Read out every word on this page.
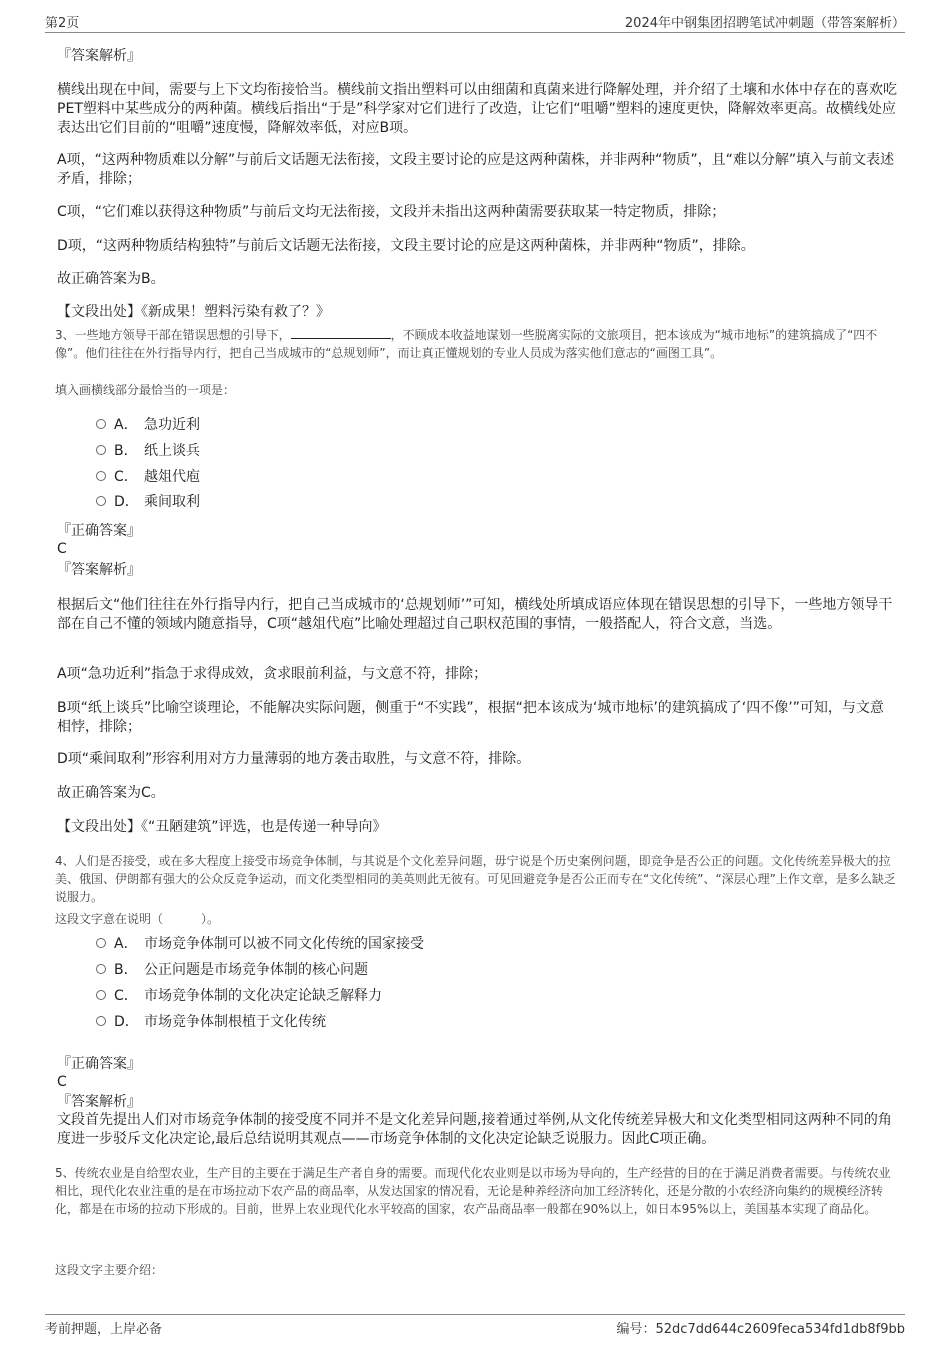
第2页	2024年中钢集团招聘笔试冲刺题（带答案解析）
『答案解析』

横线出现在中间，需要与上下文均衔接恰当。横线前文指出塑料可以由细菌和真菌来进行降解处理，并介绍了土壤和水体中存在的喜欢吃PET塑料中某些成分的两种菌。横线后指出“于是”科学家对它们进行了改造，让它们“咀嚼”塑料的速度更快，降解效率更高。故横线处应表达出它们目前的“咀嚼”速度慢，降解效率低，对应B项。

A项，“这两种物质难以分解”与前后文话题无法衔接，文段主要讨论的应是这两种菌株，并非两种“物质”，且“难以分解”填入与前文表述矛盾，排除；

C项，“它们难以获得这种物质”与前后文均无法衔接，文段并未指出这两种菌需要获取某一特定物质，排除；

D项，“这两种物质结构独特”与前后文话题无法衔接，文段主要讨论的应是这两种菌株，并非两种“物质”，排除。

故正确答案为B。

【文段出处】《新成果！塑料污染有救了？》

3、一些地方领导干部在错误思想的引导下，	，不顾成本收益地谋划一些脱离实际的文旅项目，把本该成为“城市地标”的建筑搞成了“四不像”。他们往往在外行指导内行，把自己当成城市的“总规划师”，而让真正懂规划的专业人员成为落实他们意志的“画图工具”。

填入画横线部分最恰当的一项是：

A． 急功近利
B． 纸上谈兵
C． 越俎代庖
D． 乘间取利
『正确答案』
C
『答案解析』

根据后文“他们往往在外行指导内行，把自己当成城市的‘总规划师’”可知，横线处所填成语应体现在错误思想的引导下，一些地方领导干部在自己不懂的领域内随意指导，C项“越俎代庖”比喻处理超过自己职权范围的事情，一般搭配人，符合文意，当选。

A项“急功近利”指急于求得成效，贪求眼前利益，与文意不符，排除；

B项“纸上谈兵”比喻空谈理论，不能解决实际问题，侧重于“不实践”，根据“把本该成为‘城市地标’的建筑搞成了‘四不像’”可知，与文意相悖，排除；

D项“乘间取利”形容利用对方力量薄弱的地方袭击取胜，与文意不符，排除。

故正确答案为C。

【文段出处】《“丑陋建筑”评选，也是传递一种导向》

4、人们是否接受，或在多大程度上接受市场竞争体制，与其说是个文化差异问题，毋宁说是个历史案例问题，即竞争是否公正的问题。文化传统差异极大的拉美、俄国、伊朗都有强大的公众反竞争运动，而文化类型相同的美英则此无彼有。可见回避竞争是否公正而专在“文化传统”、“深层心理”上作文章，是多么缺乏说服力。

这段文字意在说明（	）。

A． 市场竞争体制可以被不同文化传统的国家接受
B． 公正问题是市场竞争体制的核心问题
C． 市场竞争体制的文化决定论缺乏解释力
D． 市场竞争体制根植于文化传统
『正确答案』
C
『答案解析』

文段首先提出人们对市场竞争体制的接受度不同并不是文化差异问题,接着通过举例,从文化传统差异极大和文化类型相同这两种不同的角度进一步驳斥文化决定论,最后总结说明其观点——市场竞争体制的文化决定论缺乏说服力。因此C项正确。

5、传统农业是自给型农业，生产目的主要在于满足生产者自身的需要。而现代化农业则是以市场为导向的，生产经营的目的在于满足消费者需要。与传统农业相比，现代化农业注重的是在市场拉动下农产品的商品率，从发达国家的情况看，无论是种养经济向加工经济转化，还是分散的小农经济向集约的规模经济转化，都是在市场的拉动下形成的。目前，世界上农业现代化水平较高的国家，农产品商品率一般都在90%以上，如日本95%以上，美国基本实现了商品化。

这段文字主要介绍：

考前押题，上岸必备	编号：52dc7dd644c2609feca534fd1db8f9bb
